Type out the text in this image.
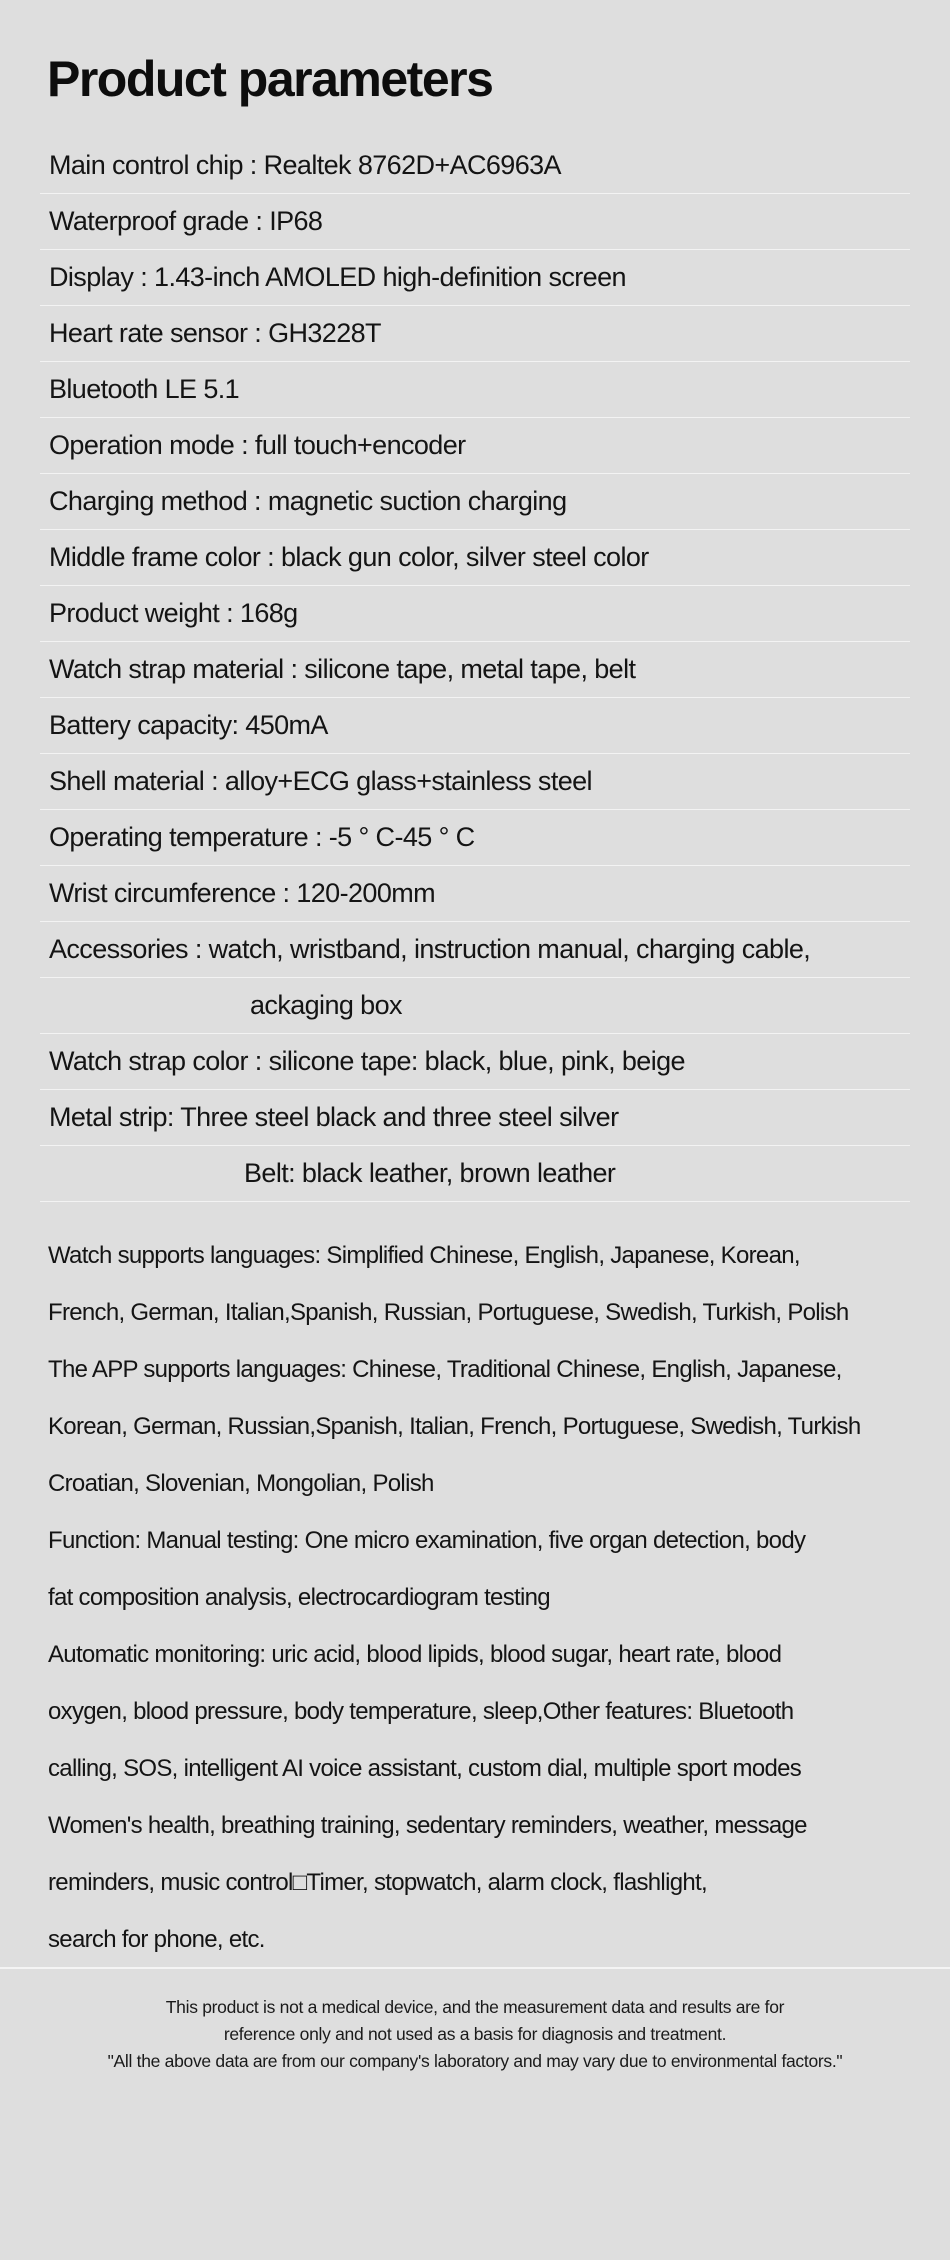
Product parameters
Main control chip : Realtek 8762D+AC6963A
Waterproof grade : IP68
Display : 1.43-inch AMOLED high-definition screen
Heart rate sensor : GH3228T
Bluetooth LE 5.1
Operation mode : full touch+encoder
Charging method : magnetic suction charging
Middle frame color : black gun color, silver steel color
Product weight : 168g
Watch strap material : silicone tape, metal tape, belt
Battery capacity: 450mA
Shell material : alloy+ECG glass+stainless steel
Operating temperature : -5 ° C-45 ° C
Wrist circumference : 120-200mm
Accessories : watch, wristband, instruction manual, charging cable,
ackaging box
Watch strap color : silicone tape: black, blue, pink, beige
Metal strip: Three steel black and three steel silver
Belt: black leather, brown leather
Watch supports languages: Simplified Chinese, English, Japanese, Korean,
French, German, Italian,Spanish, Russian, Portuguese, Swedish, Turkish, Polish
The APP supports languages: Chinese, Traditional Chinese, English, Japanese,
Korean, German, Russian,Spanish, Italian, French, Portuguese, Swedish, Turkish
Croatian, Slovenian, Mongolian, Polish
Function: Manual testing: One micro examination, five organ detection, body
fat composition analysis, electrocardiogram testing
Automatic monitoring: uric acid, blood lipids, blood sugar, heart rate, blood
oxygen, blood pressure, body temperature, sleep,Other features: Bluetooth
calling, SOS, intelligent AI voice assistant, custom dial, multiple sport modes
Women's health, breathing training, sedentary reminders, weather, message
reminders, music control□Timer, stopwatch, alarm clock, flashlight,
search for phone, etc.
This product is not a medical device, and the measurement data and results are for
reference only and not used as a basis for diagnosis and treatment.
"All the above data are from our company's laboratory and may vary due to environmental factors."
